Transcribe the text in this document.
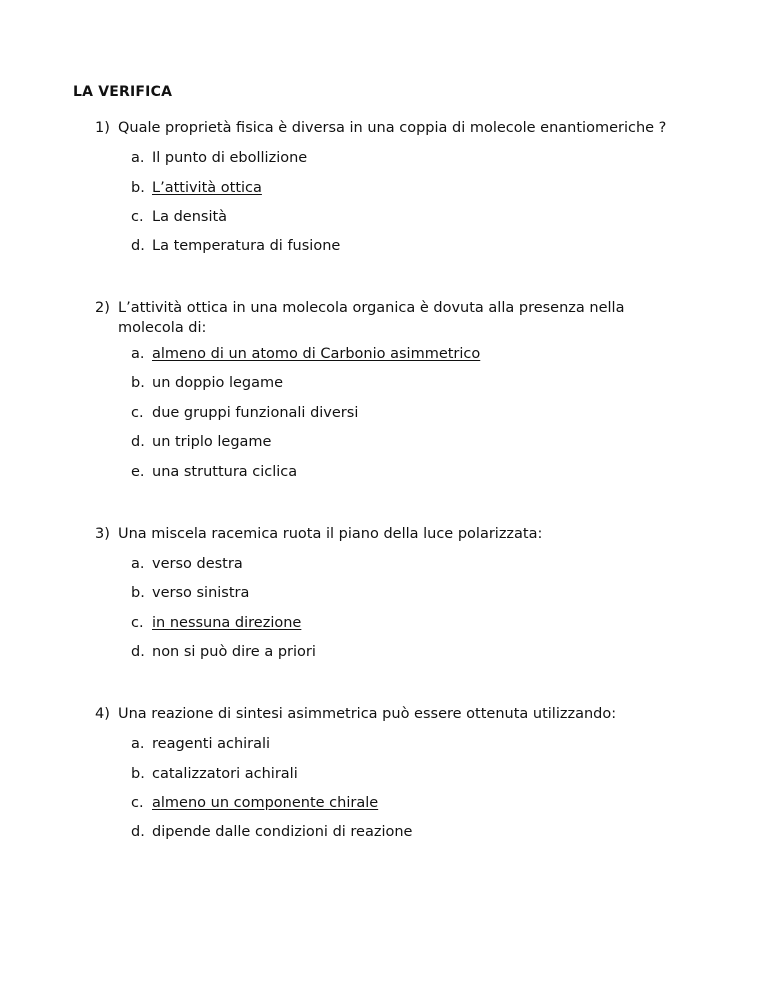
LA VERIFICA
1) Quale proprietà fisica è diversa in una coppia di molecole enantiomeriche ?
a. Il punto di ebollizione
b. L’attività ottica
c. La densità
d. La temperatura di fusione
2) L’attività ottica in una molecola organica è dovuta alla presenza nella molecola di:
a. almeno di un atomo di Carbonio asimmetrico
b. un doppio legame
c. due gruppi funzionali diversi
d. un triplo legame
e. una struttura ciclica
3) Una miscela racemica ruota il piano della luce polarizzata:
a. verso destra
b. verso sinistra
c. in nessuna direzione
d. non si può dire a priori
4) Una reazione di sintesi asimmetrica può essere ottenuta utilizzando:
a. reagenti achirali
b. catalizzatori achirali
c. almeno un componente chirale
d. dipende dalle condizioni di reazione
